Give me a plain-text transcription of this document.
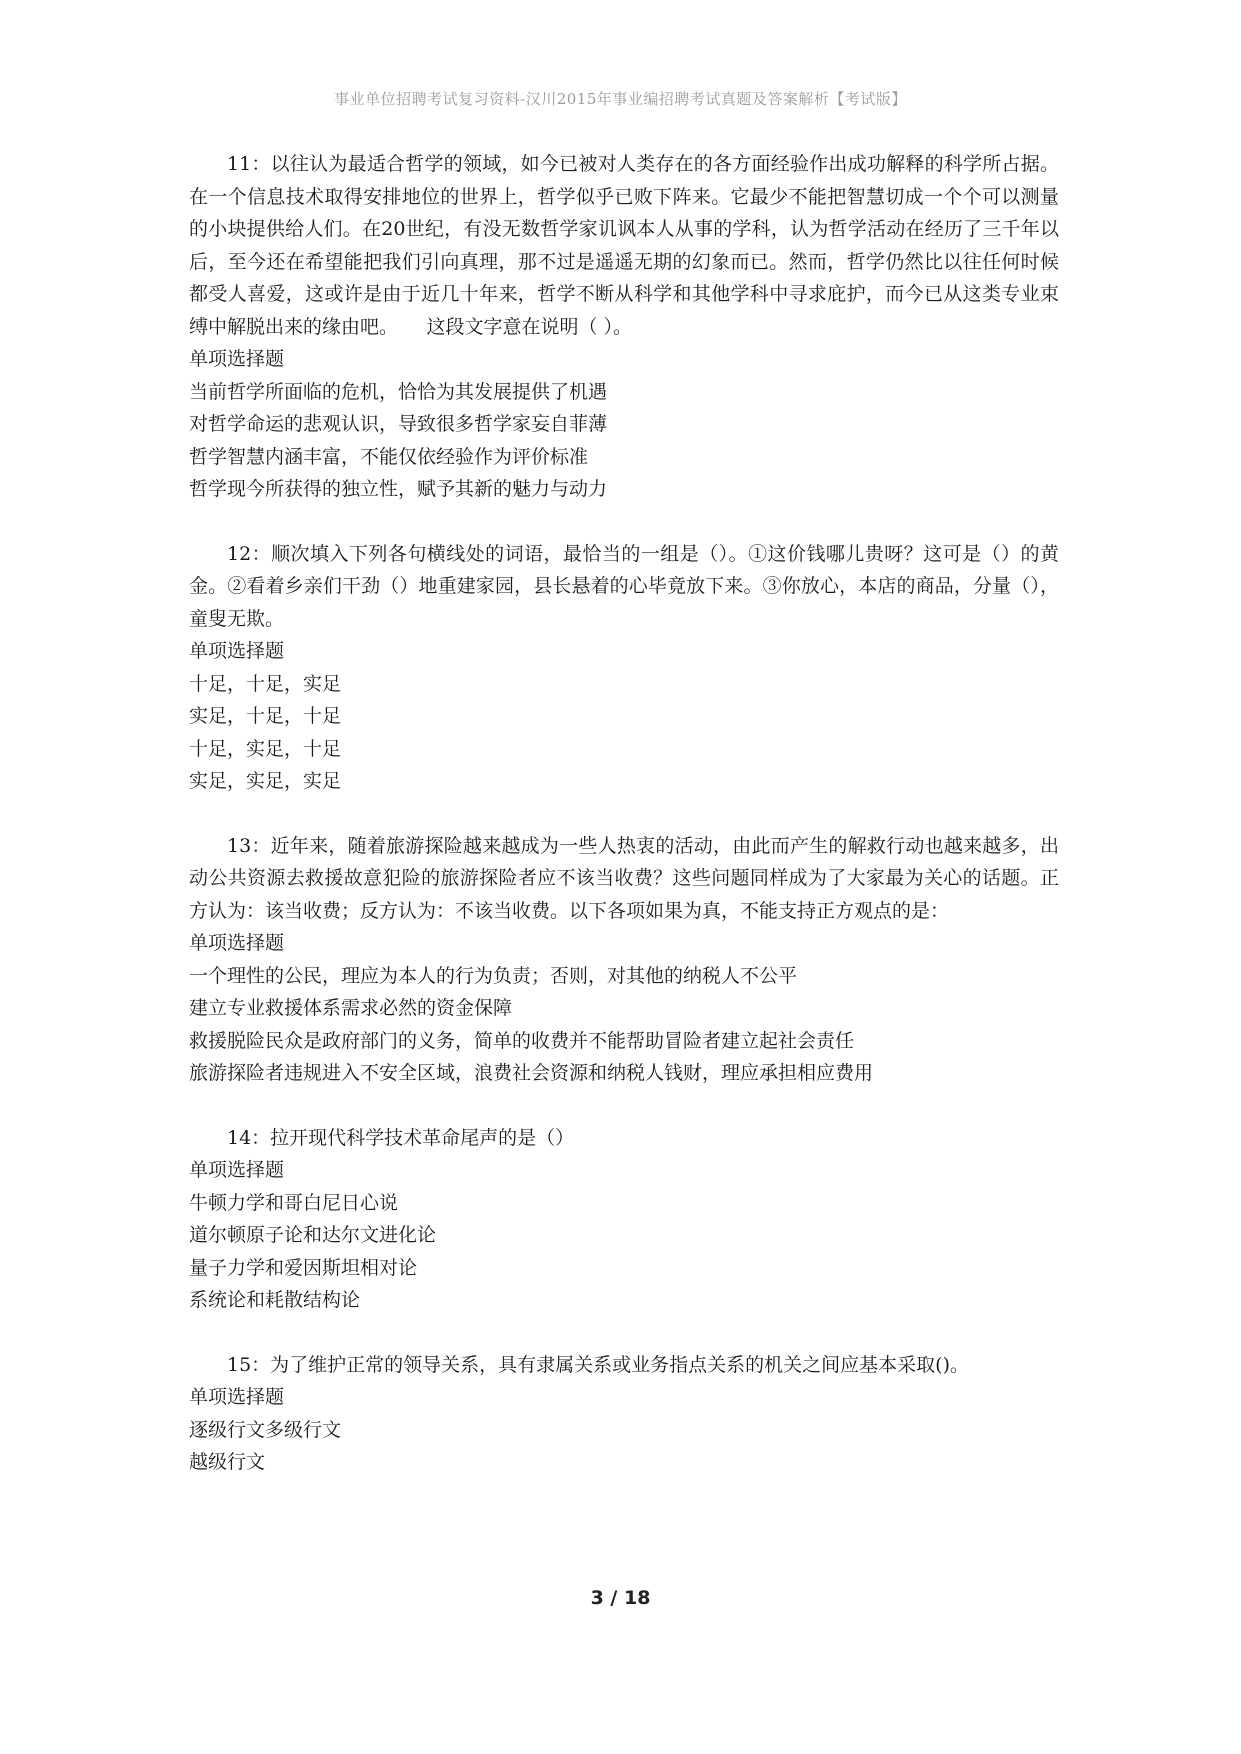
事业单位招聘考试复习资料-汉川2015年事业编招聘考试真题及答案解析【考试版】

11：以往认为最适合哲学的领域，如今已被对人类存在的各方面经验作出成功解释的科学所占据。在一个信息技术取得安排地位的世界上，哲学似乎已败下阵来。它最少不能把智慧切成一个个可以测量的小块提供给人们。在20世纪，有没无数哲学家讥讽本人从事的学科，认为哲学活动在经历了三千年以后，至今还在希望能把我们引向真理，那不过是遥遥无期的幻象而已。然而，哲学仍然比以往任何时候都受人喜爱，这或许是由于近几十年来，哲学不断从科学和其他学科中寻求庇护，而今已从这类专业束缚中解脱出来的缘由吧。　　这段文字意在说明（ ）。

单项选择题

当前哲学所面临的危机，恰恰为其发展提供了机遇
对哲学命运的悲观认识，导致很多哲学家妄自菲薄
哲学智慧内涵丰富，不能仅依经验作为评价标准
哲学现今所获得的独立性，赋予其新的魅力与动力

12：顺次填入下列各句横线处的词语，最恰当的一组是（）。①这价钱哪儿贵呀？这可是（）的黄金。②看着乡亲们干劲（）地重建家园，县长悬着的心毕竟放下来。③你放心，本店的商品，分量（），童叟无欺。

单项选择题

十足，十足，实足
实足，十足，十足
十足，实足，十足
实足，实足，实足

13：近年来，随着旅游探险越来越成为一些人热衷的活动，由此而产生的解救行动也越来越多，出动公共资源去救援故意犯险的旅游探险者应不该当收费？这些问题同样成为了大家最为关心的话题。正方认为：该当收费；反方认为：不该当收费。以下各项如果为真，不能支持正方观点的是：

单项选择题

一个理性的公民，理应为本人的行为负责；否则，对其他的纳税人不公平
建立专业救援体系需求必然的资金保障
救援脱险民众是政府部门的义务，简单的收费并不能帮助冒险者建立起社会责任
旅游探险者违规进入不安全区域，浪费社会资源和纳税人钱财，理应承担相应费用

14：拉开现代科学技术革命尾声的是（）

单项选择题

牛顿力学和哥白尼日心说
道尔顿原子论和达尔文进化论
量子力学和爱因斯坦相对论
系统论和耗散结构论

15：为了维护正常的领导关系，具有隶属关系或业务指点关系的机关之间应基本采取()。

单项选择题

逐级行文多级行文
越级行文
3 / 18
